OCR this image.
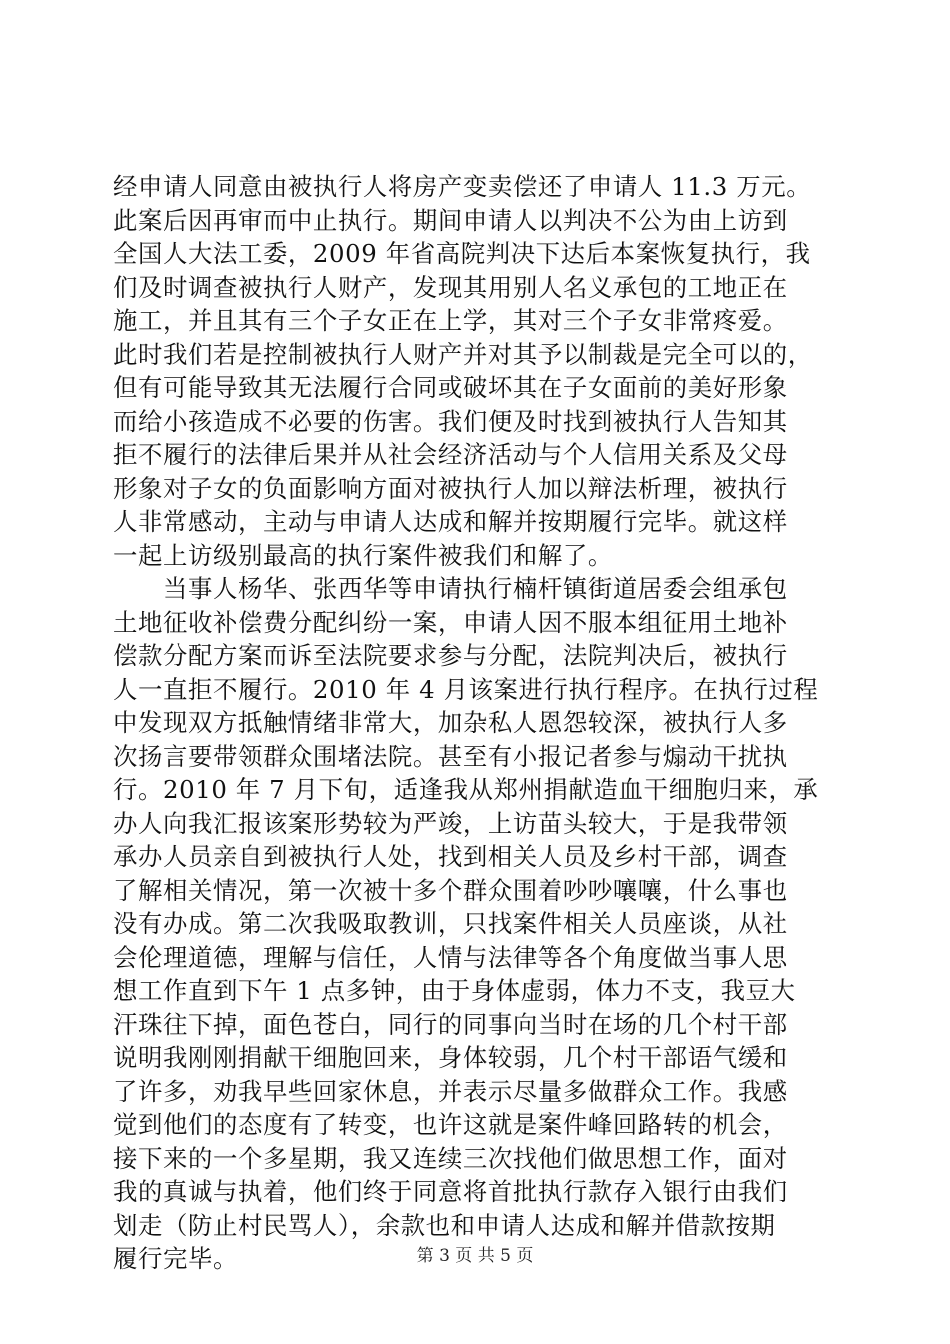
经申请人同意由被执行人将房产变卖偿还了申请人 11.3 万元。
此案后因再审而中止执行。期间申请人以判决不公为由上访到
全国人大法工委，2009 年省高院判决下达后本案恢复执行，我
们及时调查被执行人财产，发现其用别人名义承包的工地正在
施工，并且其有三个子女正在上学，其对三个子女非常疼爱。
此时我们若是控制被执行人财产并对其予以制裁是完全可以的，
但有可能导致其无法履行合同或破坏其在子女面前的美好形象
而给小孩造成不必要的伤害。我们便及时找到被执行人告知其
拒不履行的法律后果并从社会经济活动与个人信用关系及父母
形象对子女的负面影响方面对被执行人加以辩法析理，被执行
人非常感动，主动与申请人达成和解并按期履行完毕。就这样
一起上访级别最高的执行案件被我们和解了。
　　当事人杨华、张西华等申请执行楠杆镇街道居委会组承包
土地征收补偿费分配纠纷一案，申请人因不服本组征用土地补
偿款分配方案而诉至法院要求参与分配，法院判决后，被执行
人一直拒不履行。2010 年 4 月该案进行执行程序。在执行过程
中发现双方抵触情绪非常大，加杂私人恩怨较深，被执行人多
次扬言要带领群众围堵法院。甚至有小报记者参与煽动干扰执
行。2010 年 7 月下旬，适逢我从郑州捐献造血干细胞归来，承
办人向我汇报该案形势较为严竣，上访苗头较大，于是我带领
承办人员亲自到被执行人处，找到相关人员及乡村干部，调查
了解相关情况，第一次被十多个群众围着吵吵嚷嚷，什么事也
没有办成。第二次我吸取教训，只找案件相关人员座谈，从社
会伦理道德，理解与信任，人情与法律等各个角度做当事人思
想工作直到下午 1 点多钟，由于身体虚弱，体力不支，我豆大
汗珠往下掉，面色苍白，同行的同事向当时在场的几个村干部
说明我刚刚捐献干细胞回来，身体较弱，几个村干部语气缓和
了许多，劝我早些回家休息，并表示尽量多做群众工作。我感
觉到他们的态度有了转变，也许这就是案件峰回路转的机会，
接下来的一个多星期，我又连续三次找他们做思想工作，面对
我的真诚与执着，他们终于同意将首批执行款存入银行由我们
划走（防止村民骂人），余款也和申请人达成和解并借款按期
履行完毕。	第 3 页 共 5 页
